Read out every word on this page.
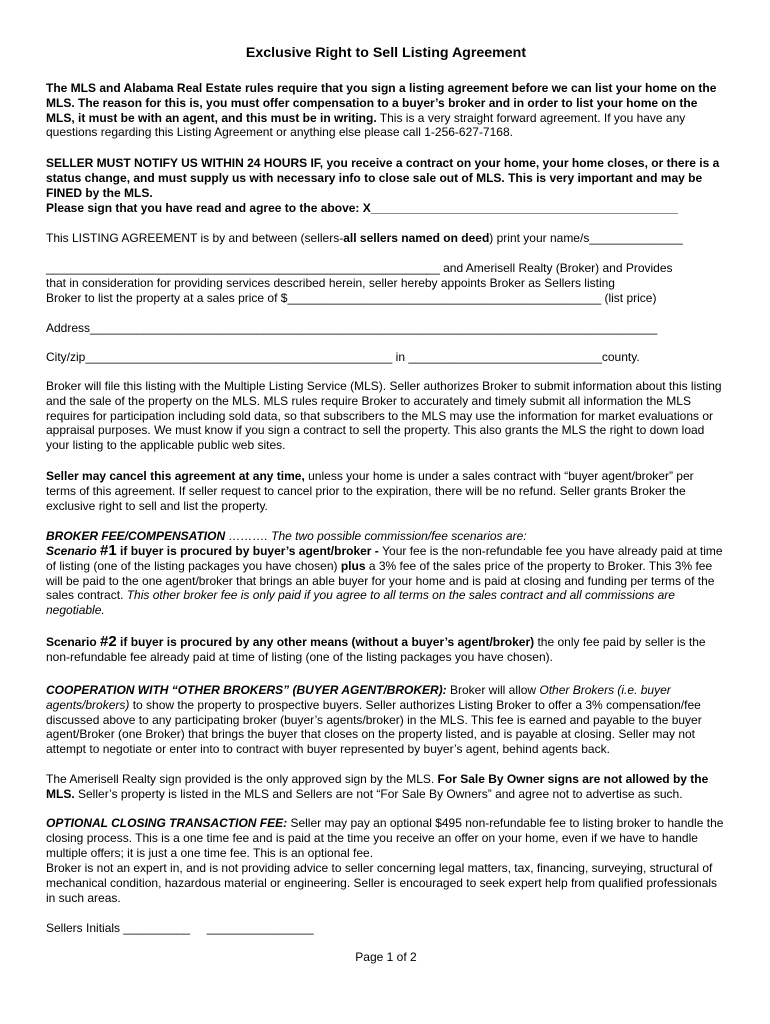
Exclusive Right to Sell Listing Agreement
The MLS and Alabama Real Estate rules require that you sign a listing agreement before we can list your home on the MLS. The reason for this is, you must offer compensation to a buyer’s broker and in order to list your home on the MLS, it must be with an agent, and this must be in writing. This is a very straight forward agreement. If you have any questions regarding this Listing Agreement or anything else please call 1-256-627-7168.
SELLER MUST NOTIFY US WITHIN 24 HOURS IF, you receive a contract on your home, your home closes, or there is a status change, and must supply us with necessary info to close sale out of MLS. This is very important and may be FINED by the MLS.
Please sign that you have read and agree to the above: X______________________________________________
This LISTING AGREEMENT is by and between (sellers-all sellers named on deed) print your name/s______________
___________________________________________________________ and Amerisell Realty (Broker) and Provides
that in consideration for providing services described herein, seller hereby appoints Broker as Sellers listing
Broker to list the property at a sales price of $_______________________________________________ (list price)
Address_____________________________________________________________________________________
City/zip______________________________________________ in _____________________________county.
Broker will file this listing with the Multiple Listing Service (MLS). Seller authorizes Broker to submit information about this listing and the sale of the property on the MLS. MLS rules require Broker to accurately and timely submit all information the MLS requires for participation including sold data, so that subscribers to the MLS may use the information for market evaluations or appraisal purposes. We must know if you sign a contract to sell the property. This also grants the MLS the right to down load your listing to the applicable public web sites.
Seller may cancel this agreement at any time, unless your home is under a sales contract with “buyer agent/broker” per terms of this agreement. If seller request to cancel prior to the expiration, there will be no refund. Seller grants Broker the exclusive right to sell and list the property.
BROKER FEE/COMPENSATION ………. The two possible commission/fee scenarios are:
Scenario #1 if buyer is procured by buyer’s agent/broker - Your fee is the non-refundable fee you have already paid at time of listing (one of the listing packages you have chosen) plus a 3% fee of the sales price of the property to Broker. This 3% fee will be paid to the one agent/broker that brings an able buyer for your home and is paid at closing and funding per terms of the sales contract. This other broker fee is only paid if you agree to all terms on the sales contract and all commissions are negotiable.
Scenario #2 if buyer is procured by any other means (without a buyer’s agent/broker) the only fee paid by seller is the non-refundable fee already paid at time of listing (one of the listing packages you have chosen).
COOPERATION WITH “OTHER BROKERS” (BUYER AGENT/BROKER): Broker will allow Other Brokers (i.e. buyer agents/brokers) to show the property to prospective buyers. Seller authorizes Listing Broker to offer a 3% compensation/fee discussed above to any participating broker (buyer’s agents/broker) in the MLS. This fee is earned and payable to the buyer agent/Broker (one Broker) that brings the buyer that closes on the property listed, and is payable at closing. Seller may not attempt to negotiate or enter into to contract with buyer represented by buyer’s agent, behind agents back.
The Amerisell Realty sign provided is the only approved sign by the MLS. For Sale By Owner signs are not allowed by the MLS. Seller’s property is listed in the MLS and Sellers are not “For Sale By Owners” and agree not to advertise as such.
OPTIONAL CLOSING TRANSACTION FEE: Seller may pay an optional $495 non-refundable fee to listing broker to handle the closing process. This is a one time fee and is paid at the time you receive an offer on your home, even if we have to handle multiple offers; it is just a one time fee. This is an optional fee.
Broker is not an expert in, and is not providing advice to seller concerning legal matters, tax, financing, surveying, structural of mechanical condition, hazardous material or engineering. Seller is encouraged to seek expert help from qualified professionals in such areas.
Sellers Initials __________     ________________
Page 1 of 2
